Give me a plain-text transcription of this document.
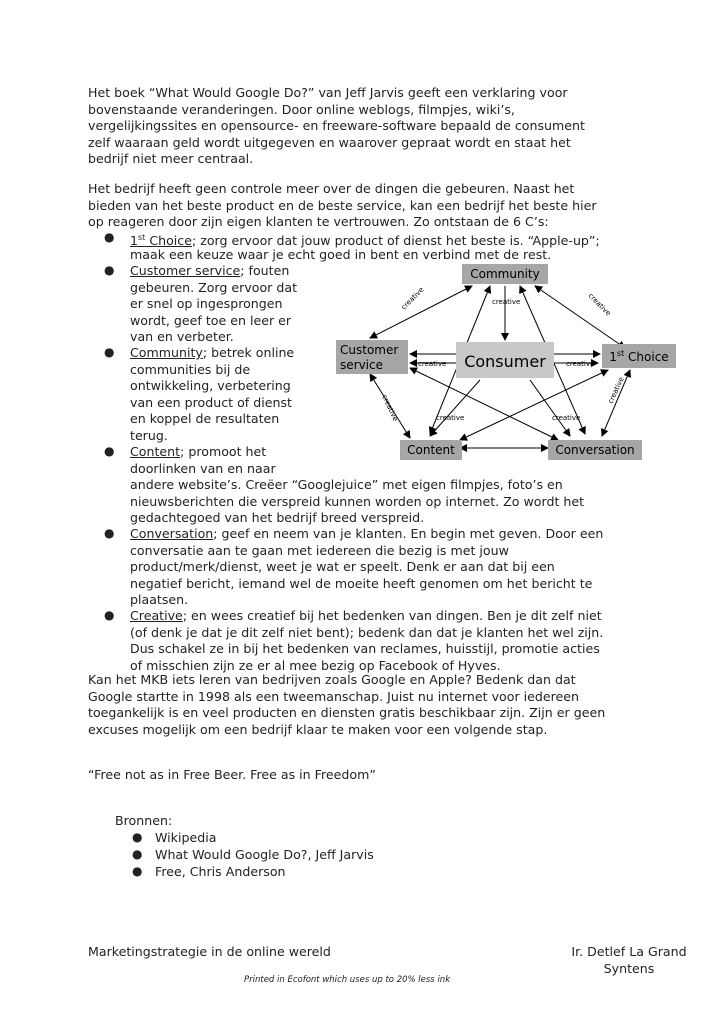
Het boek “What Would Google Do?” van Jeff Jarvis geeft een verklaring voor
bovenstaande veranderingen. Door online weblogs, filmpjes, wiki’s,
vergelijkingssites en opensource- en freeware-software bepaald de consument
zelf waaraan geld wordt uitgegeven en waarover gepraat wordt en staat het
bedrijf niet meer centraal.
Het bedrijf heeft geen controle meer over de dingen die gebeuren. Naast het
bieden van het beste product en de beste service, kan een bedrijf het beste hier
op reageren door zijn eigen klanten te vertrouwen. Zo ontstaan de 6 C’s:
● 1st Choice; zorg ervoor dat jouw product of dienst het beste is. “Apple-up”;
maak een keuze waar je echt goed in bent en verbind met de rest.
● Customer service; fouten
gebeuren. Zorg ervoor dat
er snel op ingesprongen
wordt, geef toe en leer er
van en verbeter.
● Community; betrek online
communities bij de
ontwikkeling, verbetering
van een product of dienst
en koppel de resultaten
terug.
● Content; promoot het
doorlinken van en naar
andere website’s. Creëer “Googlejuice” met eigen filmpjes, foto’s en
nieuwsberichten die verspreid kunnen worden op internet. Zo wordt het
gedachtegoed van het bedrijf breed verspreid.
● Conversation; geef en neem van je klanten. En begin met geven. Door een
conversatie aan te gaan met iedereen die bezig is met jouw
product/merk/dienst, weet je wat er speelt. Denk er aan dat bij een
negatief bericht, iemand wel de moeite heeft genomen om het bericht te
plaatsen.
● Creative; en wees creatief bij het bedenken van dingen. Ben je dit zelf niet
(of denk je dat je dit zelf niet bent); bedenk dan dat je klanten het wel zijn.
Dus schakel ze in bij het bedenken van reclames, huisstijl, promotie acties
of misschien zijn ze er al mee bezig op Facebook of Hyves.
Community
Customer
service	Consumer	1st Choice
Content	Conversation
creative	creative	creative
creative	creative
creative
creative
creative	creative
Kan het MKB iets leren van bedrijven zoals Google en Apple? Bedenk dan dat
Google startte in 1998 als een tweemanschap. Juist nu internet voor iedereen
toegankelijk is en veel producten en diensten gratis beschikbaar zijn. Zijn er geen
excuses mogelijk om een bedrijf klaar te maken voor een volgende stap.
“Free not as in Free Beer. Free as in Freedom”
Bronnen:
● Wikipedia
● What Would Google Do?, Jeff Jarvis
● Free, Chris Anderson
Marketingstrategie in de online wereld	Ir. Detlef La Grand
Syntens
Printed in Ecofont which uses up to 20% less ink
